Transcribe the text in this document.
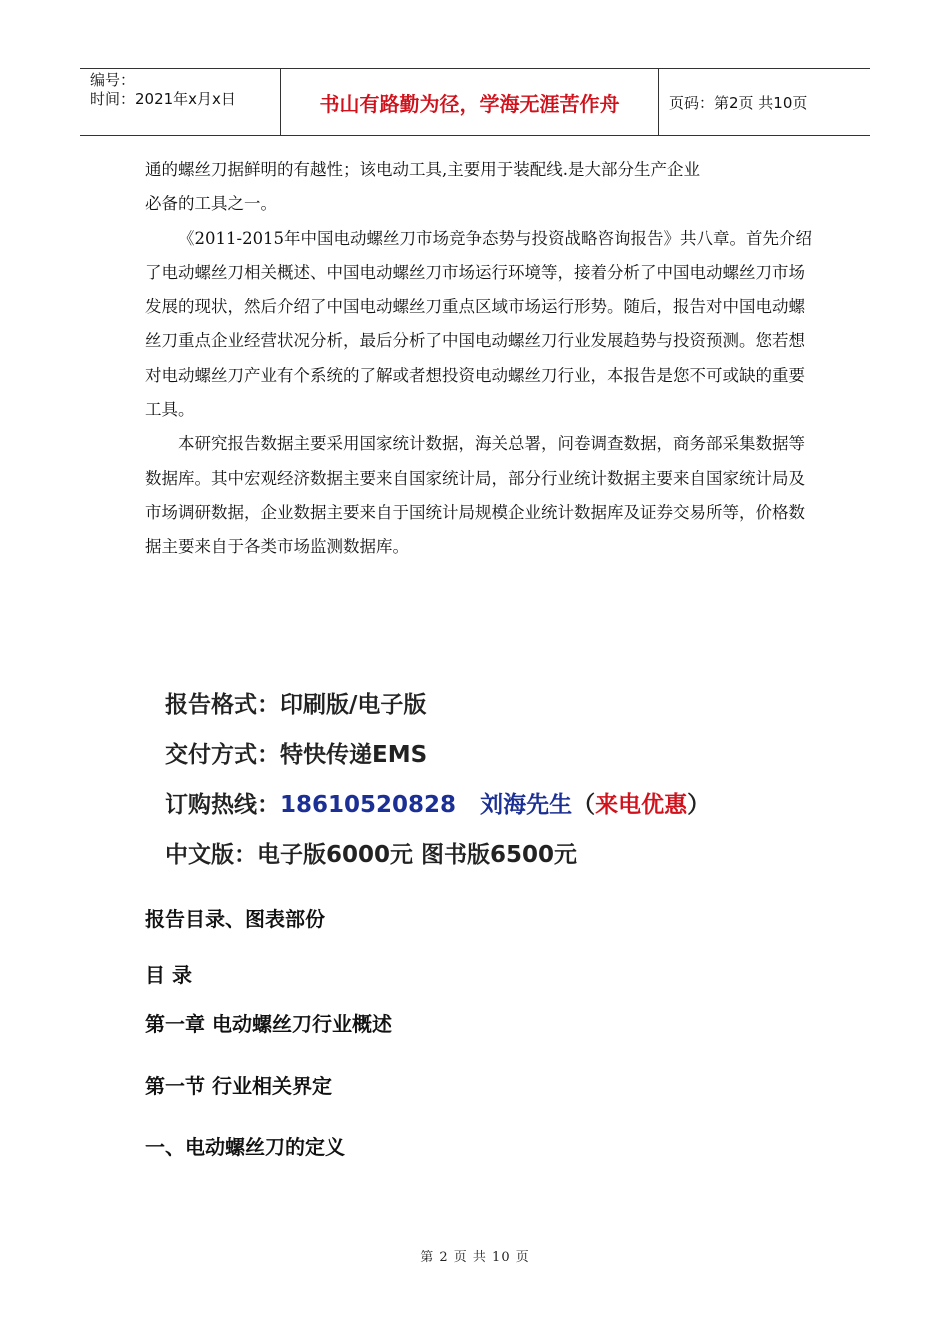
编号：
时间：2021年x月x日	书山有路勤为径，学海无涯苦作舟	页码：第2页 共10页

通的螺丝刀据鲜明的有越性；该电动工具,主要用于装配线.是大部分生产企业

必备的工具之一。

《2011-2015年中国电动螺丝刀市场竞争态势与投资战略咨询报告》共八章。首先介绍了电动螺丝刀相关概述、中国电动螺丝刀市场运行环境等，接着分析了中国电动螺丝刀市场发展的现状，然后介绍了中国电动螺丝刀重点区域市场运行形势。随后，报告对中国电动螺丝刀重点企业经营状况分析，最后分析了中国电动螺丝刀行业发展趋势与投资预测。您若想对电动螺丝刀产业有个系统的了解或者想投资电动螺丝刀行业，本报告是您不可或缺的重要工具。

本研究报告数据主要采用国家统计数据，海关总署，问卷调查数据，商务部采集数据等数据库。其中宏观经济数据主要来自国家统计局，部分行业统计数据主要来自国家统计局及市场调研数据，企业数据主要来自于国统计局规模企业统计数据库及证券交易所等，价格数据主要来自于各类市场监测数据库。

报告格式：印刷版/电子版
交付方式：特快传递EMS
订购热线：18610520828 刘海先生（来电优惠）
中文版：电子版6000元 图书版6500元
报告目录、图表部份
目 录
第一章 电动螺丝刀行业概述
第一节 行业相关界定
一、电动螺丝刀的定义
第 2 页 共 10 页
